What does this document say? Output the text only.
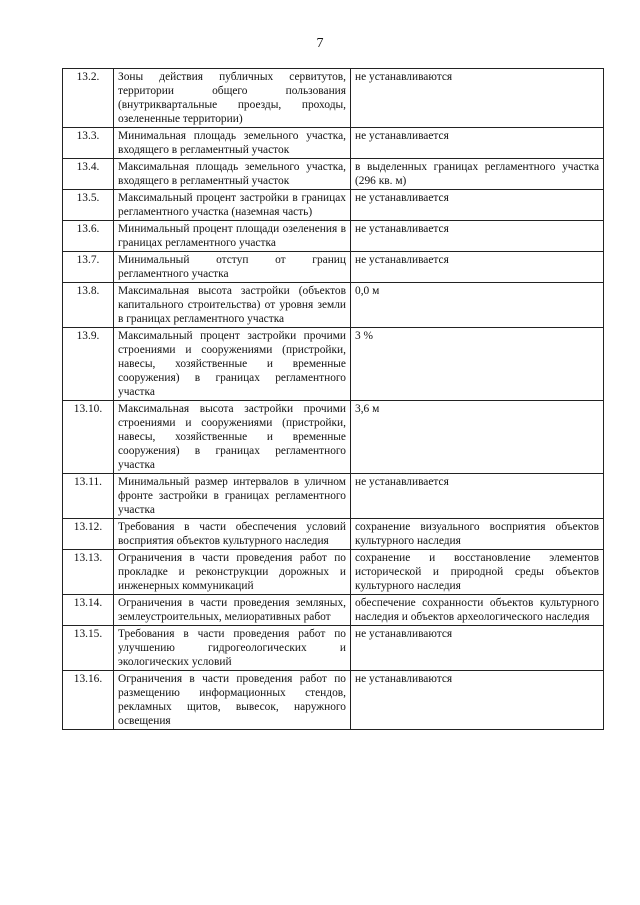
7
13.2.	Зоны действия публичных сервитутов, территории общего пользования (внутриквартальные проезды, проходы, озелененные территории)	не устанавливаются
13.3.	Минимальная площадь земельного участка, входящего в регламентный участок	не устанавливается
13.4.	Максимальная площадь земельного участка, входящего в регламентный участок	в выделенных границах регламентного участка (296 кв. м)
13.5.	Максимальный процент застройки в границах регламентного участка (наземная часть)	не устанавливается
13.6.	Минимальный процент площади озеленения в границах регламентного участка	не устанавливается
13.7.	Минимальный отступ от границ регламентного участка	не устанавливается
13.8.	Максимальная высота застройки (объектов капитального строительства) от уровня земли в границах регламентного участка	0,0 м
13.9.	Максимальный процент застройки прочими строениями и сооружениями (пристройки, навесы, хозяйственные и временные сооружения) в границах регламентного участка	3 %
13.10.	Максимальная высота застройки прочими строениями и сооружениями (пристройки, навесы, хозяйственные и временные сооружения) в границах регламентного участка	3,6 м
13.11.	Минимальный размер интервалов в уличном фронте застройки в границах регламентного участка	не устанавливается
13.12.	Требования в части обеспечения условий восприятия объектов культурного наследия	сохранение визуального восприятия объектов культурного наследия
13.13.	Ограничения в части проведения работ по прокладке и реконструкции дорожных и инженерных коммуникаций	сохранение и восстановление элементов исторической и природной среды объектов культурного наследия
13.14.	Ограничения в части проведения земляных, землеустроительных, мелиоративных работ	обеспечение сохранности объектов культурного наследия и объектов археологического наследия
13.15.	Требования в части проведения работ по улучшению гидрогеологических и экологических условий	не устанавливаются
13.16.	Ограничения в части проведения работ по размещению информационных стендов, рекламных щитов, вывесок, наружного освещения	не устанавливаются
